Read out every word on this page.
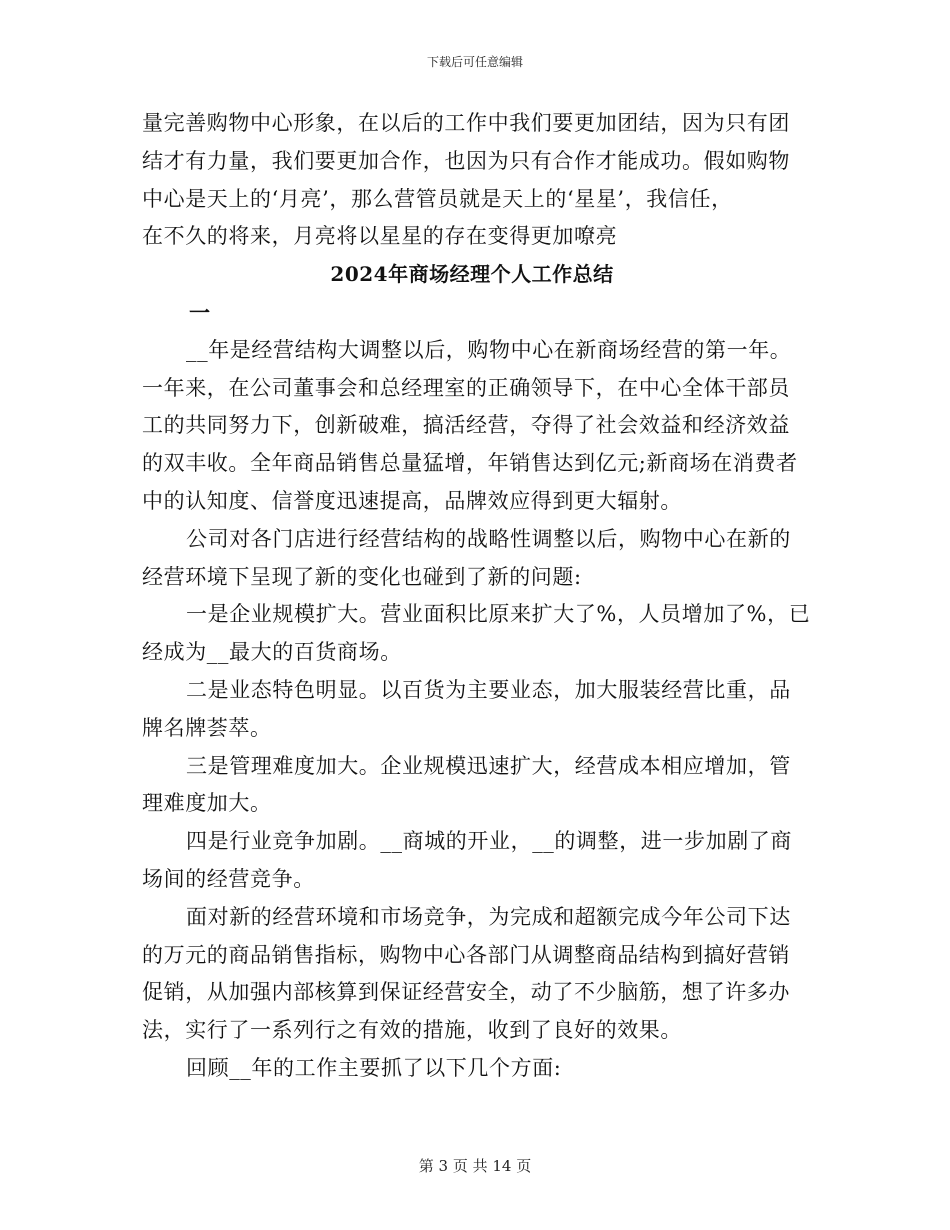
下载后可任意编辑
量完善购物中心形象，在以后的工作中我们要更加团结，因为只有团
结才有力量，我们要更加合作，也因为只有合作才能成功。假如购物
中心是天上的‘月亮’，那么营管员就是天上的‘星星’，我信任，
在不久的将来，月亮将以星星的存在变得更加嘹亮
2024年商场经理个人工作总结
一
__年是经营结构大调整以后，购物中心在新商场经营的第一年。
一年来，在公司董事会和总经理室的正确领导下，在中心全体干部员
工的共同努力下，创新破难，搞活经营，夺得了社会效益和经济效益
的双丰收。全年商品销售总量猛增，年销售达到亿元;新商场在消费者
中的认知度、信誉度迅速提高，品牌效应得到更大辐射。
公司对各门店进行经营结构的战略性调整以后，购物中心在新的
经营环境下呈现了新的变化也碰到了新的问题:
一是企业规模扩大。营业面积比原来扩大了%，人员增加了%，已
经成为__最大的百货商场。
二是业态特色明显。以百货为主要业态，加大服装经营比重，品
牌名牌荟萃。
三是管理难度加大。企业规模迅速扩大，经营成本相应增加，管
理难度加大。
四是行业竞争加剧。__商城的开业，__的调整，进一步加剧了商
场间的经营竞争。
面对新的经营环境和市场竞争，为完成和超额完成今年公司下达
的万元的商品销售指标，购物中心各部门从调整商品结构到搞好营销
促销，从加强内部核算到保证经营安全，动了不少脑筋，想了许多办
法，实行了一系列行之有效的措施，收到了良好的效果。
回顾__年的工作主要抓了以下几个方面:
第 3 页 共 14 页
